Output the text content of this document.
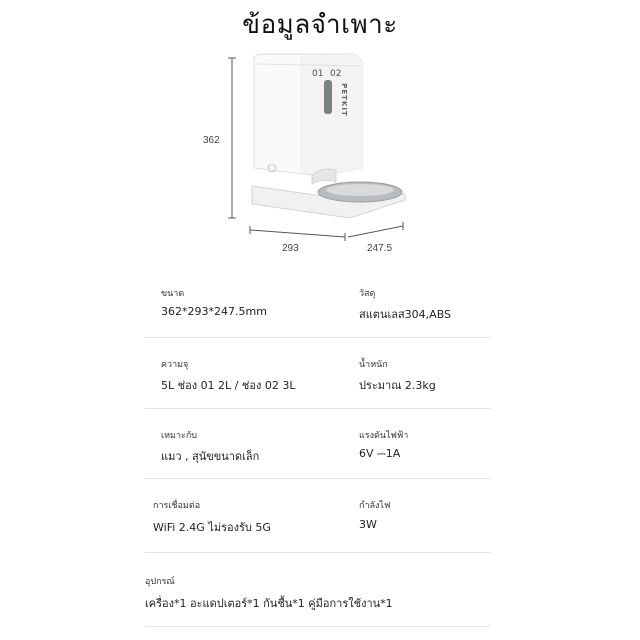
ข้อมูลจำเพาะ
01 02
PETKIT
362
293	247.5
ขนาด
362*293*247.5mm
วัสดุ
สแตนเลส304,ABS
ความจุ
5L ช่อง 01 2L / ช่อง 02 3L
น้ำหนัก
ประมาณ 2.3kg
เหมาะกับ
แมว , สุนัขขนาดเล็ก
แรงดันไฟฟ้า
6V ⎓1A
การเชื่อมต่อ
WiFi 2.4G ไม่รองรับ 5G
กำลังไฟ
3W
อุปกรณ์
เครื่อง*1 อะแดปเตอร์*1 กันชื้น*1 คู่มือการใช้งาน*1
